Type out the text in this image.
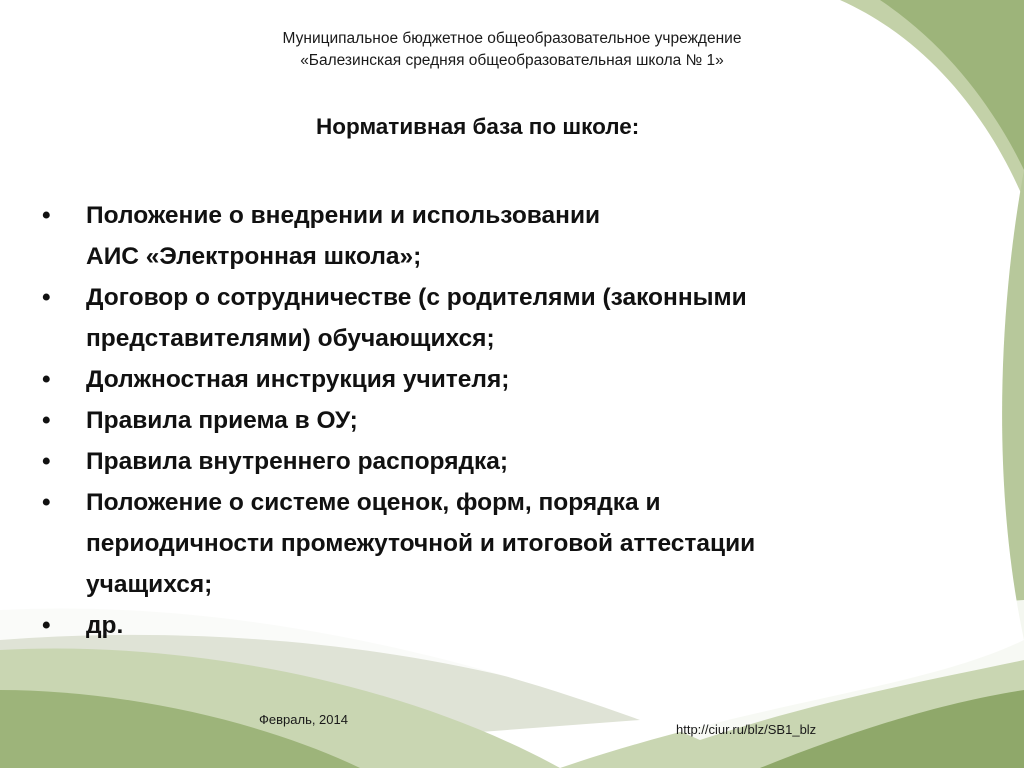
Муниципальное бюджетное общеобразовательное учреждение
«Балезинская средняя общеобразовательная школа № 1»
Нормативная база по школе:
•	Положение о внедрении и использовании
АИС «Электронная школа»;
•	Договор о сотрудничестве (с родителями (законными
представителями) обучающихся;
•	Должностная инструкция учителя;
•	Правила приема в ОУ;
•	Правила внутреннего распорядка;
•	Положение о системе оценок, форм, порядка и
периодичности промежуточной и итоговой аттестации
учащихся;
•	др.
Февраль, 2014
http://ciur.ru/blz/SB1_blz
